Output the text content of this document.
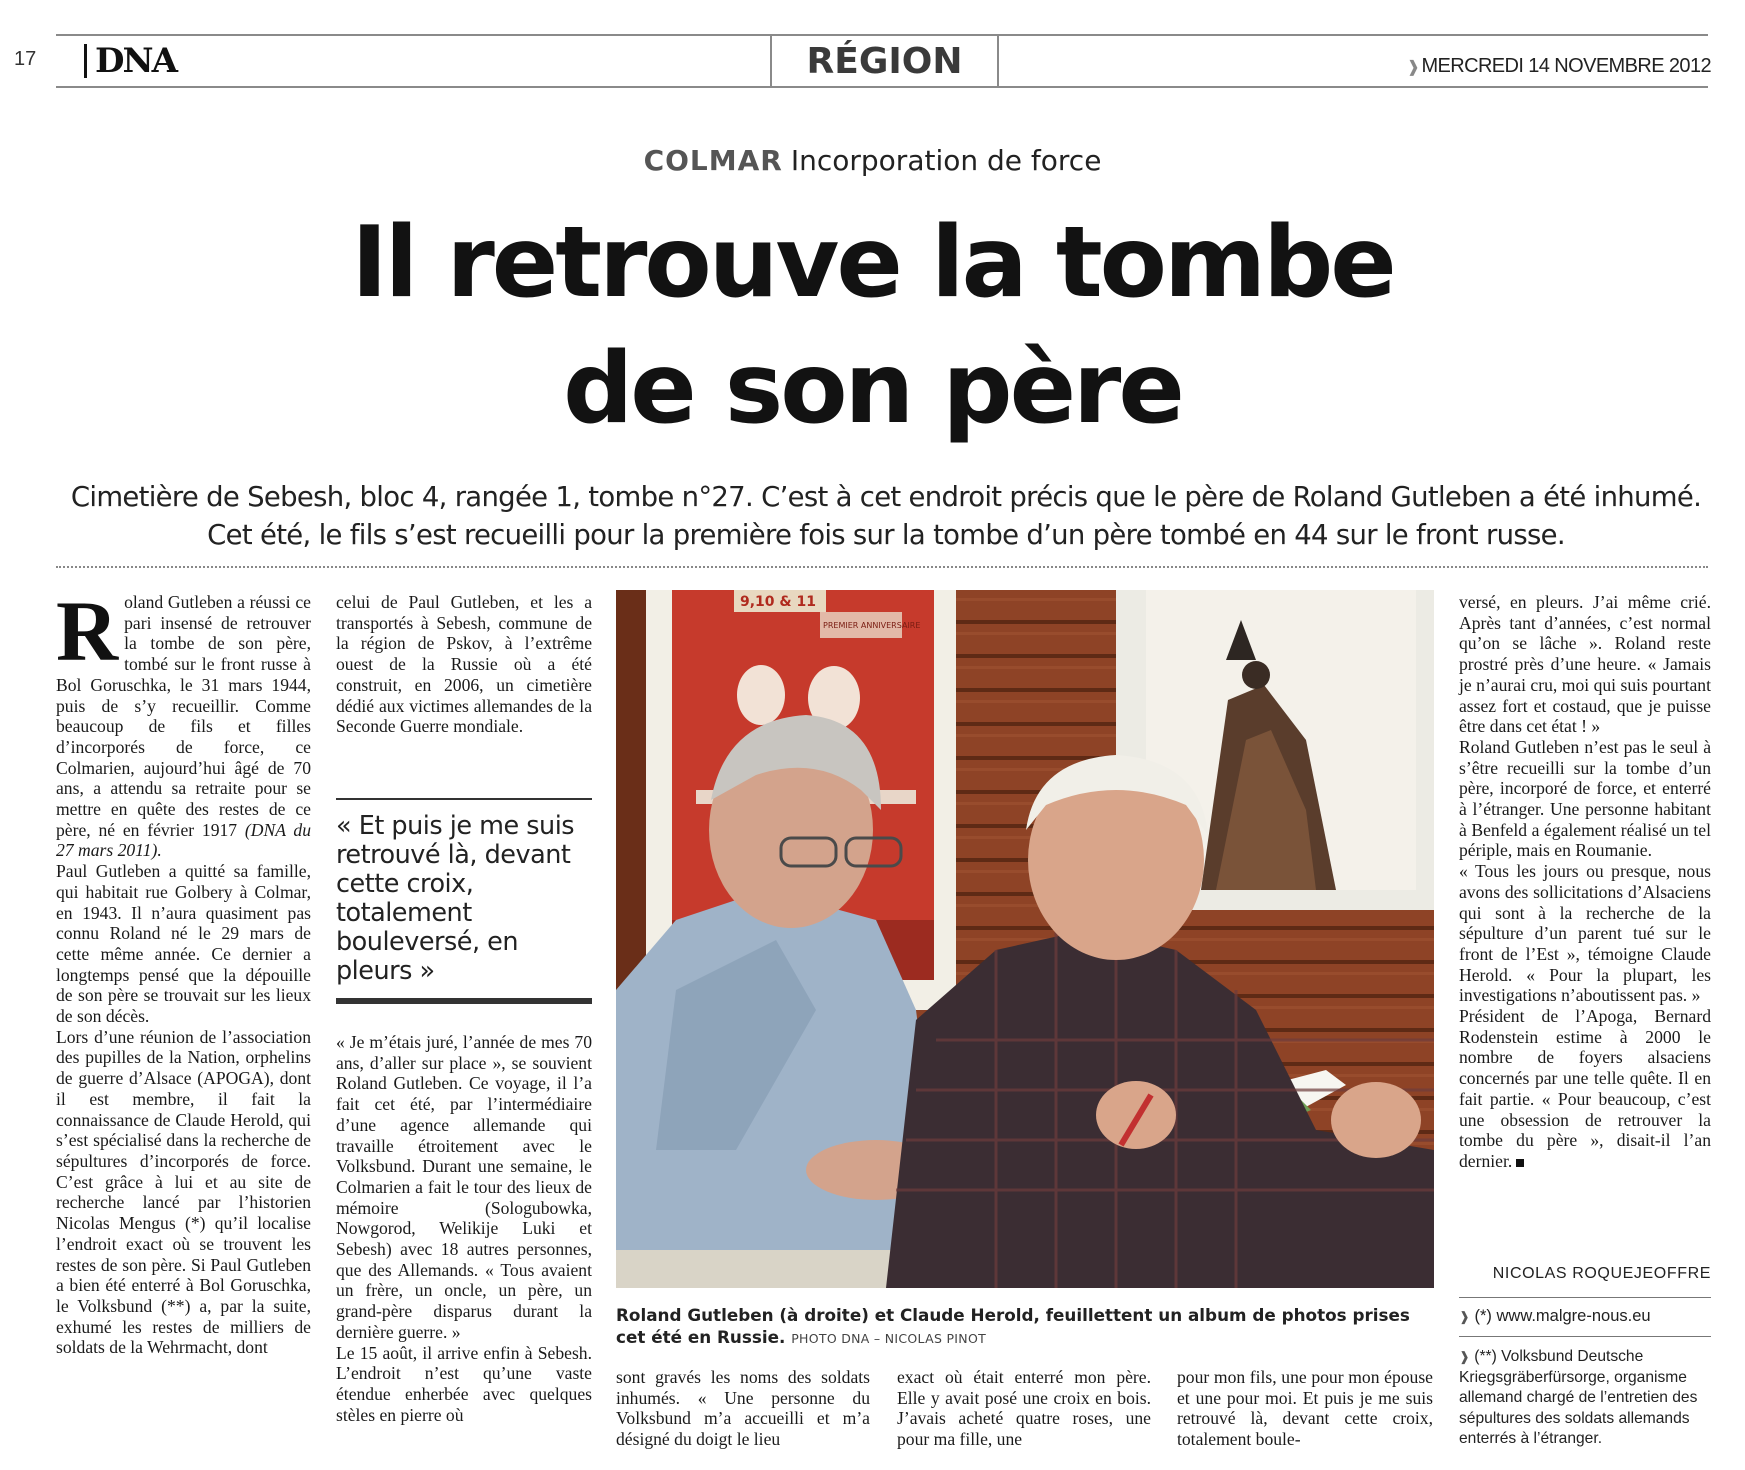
17	DNA	RÉGION	❱ MERCREDI 14 NOVEMBRE 2012
COLMAR Incorporation de force
Il retrouve la tombe
de son père
Cimetière de Sebesh, bloc 4, rangée 1, tombe n°27. C’est à cet endroit précis que le père de Roland Gutleben a été inhumé. Cet été, le fils s’est recueilli pour la première fois sur la tombe d’un père tombé en 44 sur le front russe.

Roland Gutleben a réussi ce pari insensé de retrouver la tombe de son père, tombé sur le front russe à Bol Goruschka, le 31 mars 1944, puis de s’y recueillir. Comme beaucoup de fils et filles d’incorporés de force, ce Colmarien, aujourd’hui âgé de 70 ans, a attendu sa retraite pour se mettre en quête des restes de ce père, né en février 1917 (DNA du 27 mars 2011).

Paul Gutleben a quitté sa famille, qui habitait rue Golbery à Colmar, en 1943. Il n’aura quasiment pas connu Roland né le 29 mars de cette même année. Ce dernier a longtemps pensé que la dépouille de son père se trouvait sur les lieux de son décès.

Lors d’une réunion de l’association des pupilles de la Nation, orphelins de guerre d’Alsace (APOGA), dont il est membre, il fait la connaissance de Claude Herold, qui s’est spécialisé dans la recherche de sépultures d’incorporés de force. C’est grâce à lui et au site de recherche lancé par l’historien Nicolas Mengus (*) qu’il localise l’endroit exact où se trouvent les restes de son père. Si Paul Gutleben a bien été enterré à Bol Goruschka, le Volksbund (**) a, par la suite, exhumé les restes de milliers de soldats de la Wehrmacht, dont

celui de Paul Gutleben, et les a transportés à Sebesh, commune de la région de Pskov, à l’extrême ouest de la Russie où a été construit, en 2006, un cimetière dédié aux victimes allemandes de la Seconde Guerre mondiale.

« Et puis je me suis retrouvé là, devant cette croix, totalement bouleversé, en pleurs »

« Je m’étais juré, l’année de mes 70 ans, d’aller sur place », se souvient Roland Gutleben. Ce voyage, il l’a fait cet été, par l’intermédiaire d’une agence allemande qui travaille étroitement avec le Volksbund. Durant une semaine, le Colmarien a fait le tour des lieux de mémoire (Sologubowka, Nowgorod, Welikije Luki et Sebesh) avec 18 autres personnes, que des Allemands. « Tous avaient un frère, un oncle, un père, un grand-père disparus durant la dernière guerre. »

Le 15 août, il arrive enfin à Sebesh. L’endroit n’est qu’une vaste étendue enherbée avec quelques stèles en pierre où

9,10 & 11
PREMIER ANNIVERSAIRE
Roland Gutleben (à droite) et Claude Herold, feuillettent un album de photos prises cet été en Russie. PHOTO DNA – NICOLAS PINOT

sont gravés les noms des soldats inhumés. « Une personne du Volksbund m’a accueilli et m’a désigné du doigt le lieu

exact où était enterré mon père. Elle y avait posé une croix en bois. J’avais acheté quatre roses, une pour ma fille, une

pour mon fils, une pour mon épouse et une pour moi. Et puis je me suis retrouvé là, devant cette croix, totalement boule-

versé, en pleurs. J’ai même crié. Après tant d’années, c’est normal qu’on se lâche ». Roland reste prostré près d’une heure. « Jamais je n’aurai cru, moi qui suis pourtant assez fort et costaud, que je puisse être dans cet état ! »

Roland Gutleben n’est pas le seul à s’être recueilli sur la tombe d’un père, incorporé de force, et enterré à l’étranger. Une personne habitant à Benfeld a également réalisé un tel périple, mais en Roumanie.

« Tous les jours ou presque, nous avons des sollicitations d’Alsaciens qui sont à la recherche de la sépulture d’un parent tué sur le front de l’Est », témoigne Claude Herold. « Pour la plupart, les investigations n’aboutissent pas. »

Président de l’Apoga, Bernard Rodenstein estime à 2000 le nombre de foyers alsaciens concernés par une telle quête. Il en fait partie. « Pour beaucoup, c’est une obsession de retrouver la tombe du père », disait-il l’an dernier.

NICOLAS ROQUEJEOFFRE
❱ (*) www.malgre-nous.eu
❱ (**) Volksbund Deutsche Kriegsgräberfürsorge, organisme allemand chargé de l’entretien des sépultures des soldats allemands enterrés à l’étranger.
